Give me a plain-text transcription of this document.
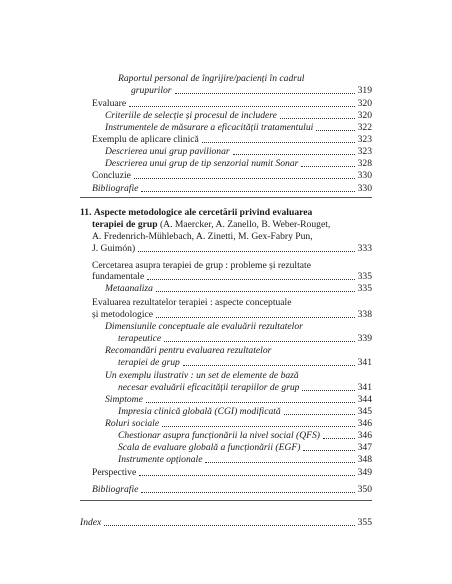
Raportul personal de îngrijire/pacienți în cadrul
grupurilor	319
Evaluare	320
Criteriile de selecție și procesul de includere	320
Instrumentele de măsurare a eficacității tratamentului	322
Exemplu de aplicare clinică	323
Descrierea unui grup pavilionar	323
Descrierea unui grup de tip senzorial numit Sonar	328
Concluzie	330
Bibliografie	330
11. Aspecte metodologice ale cercetării privind evaluarea
terapiei de grup (A. Maercker, A. Zanello, B. Weber-Rouget,
A. Fredenrich-Mühlebach, A. Zinetti, M. Gex-Fabry Pun,
J. Guimón)	333
Cercetarea asupra terapiei de grup : probleme și rezultate
fundamentale	335
Metaanaliza	335
Evaluarea rezultatelor terapiei : aspecte conceptuale
și metodologice	338
Dimensiunile conceptuale ale evaluării rezultatelor
terapeutice	339
Recomandări pentru evaluarea rezultatelor
terapiei de grup	341
Un exemplu ilustrativ : un set de elemente de bază
necesar evaluării eficacității terapiilor de grup	341
Simptome	344
Impresia clinică globală (CGI) modificată	345
Roluri sociale	346
Chestionar asupra funcționării la nivel social (QFS)	346
Scala de evaluare globală a funcționării (EGF)	347
Instrumente opționale	348
Perspective	349
Bibliografie	350
Index	355
